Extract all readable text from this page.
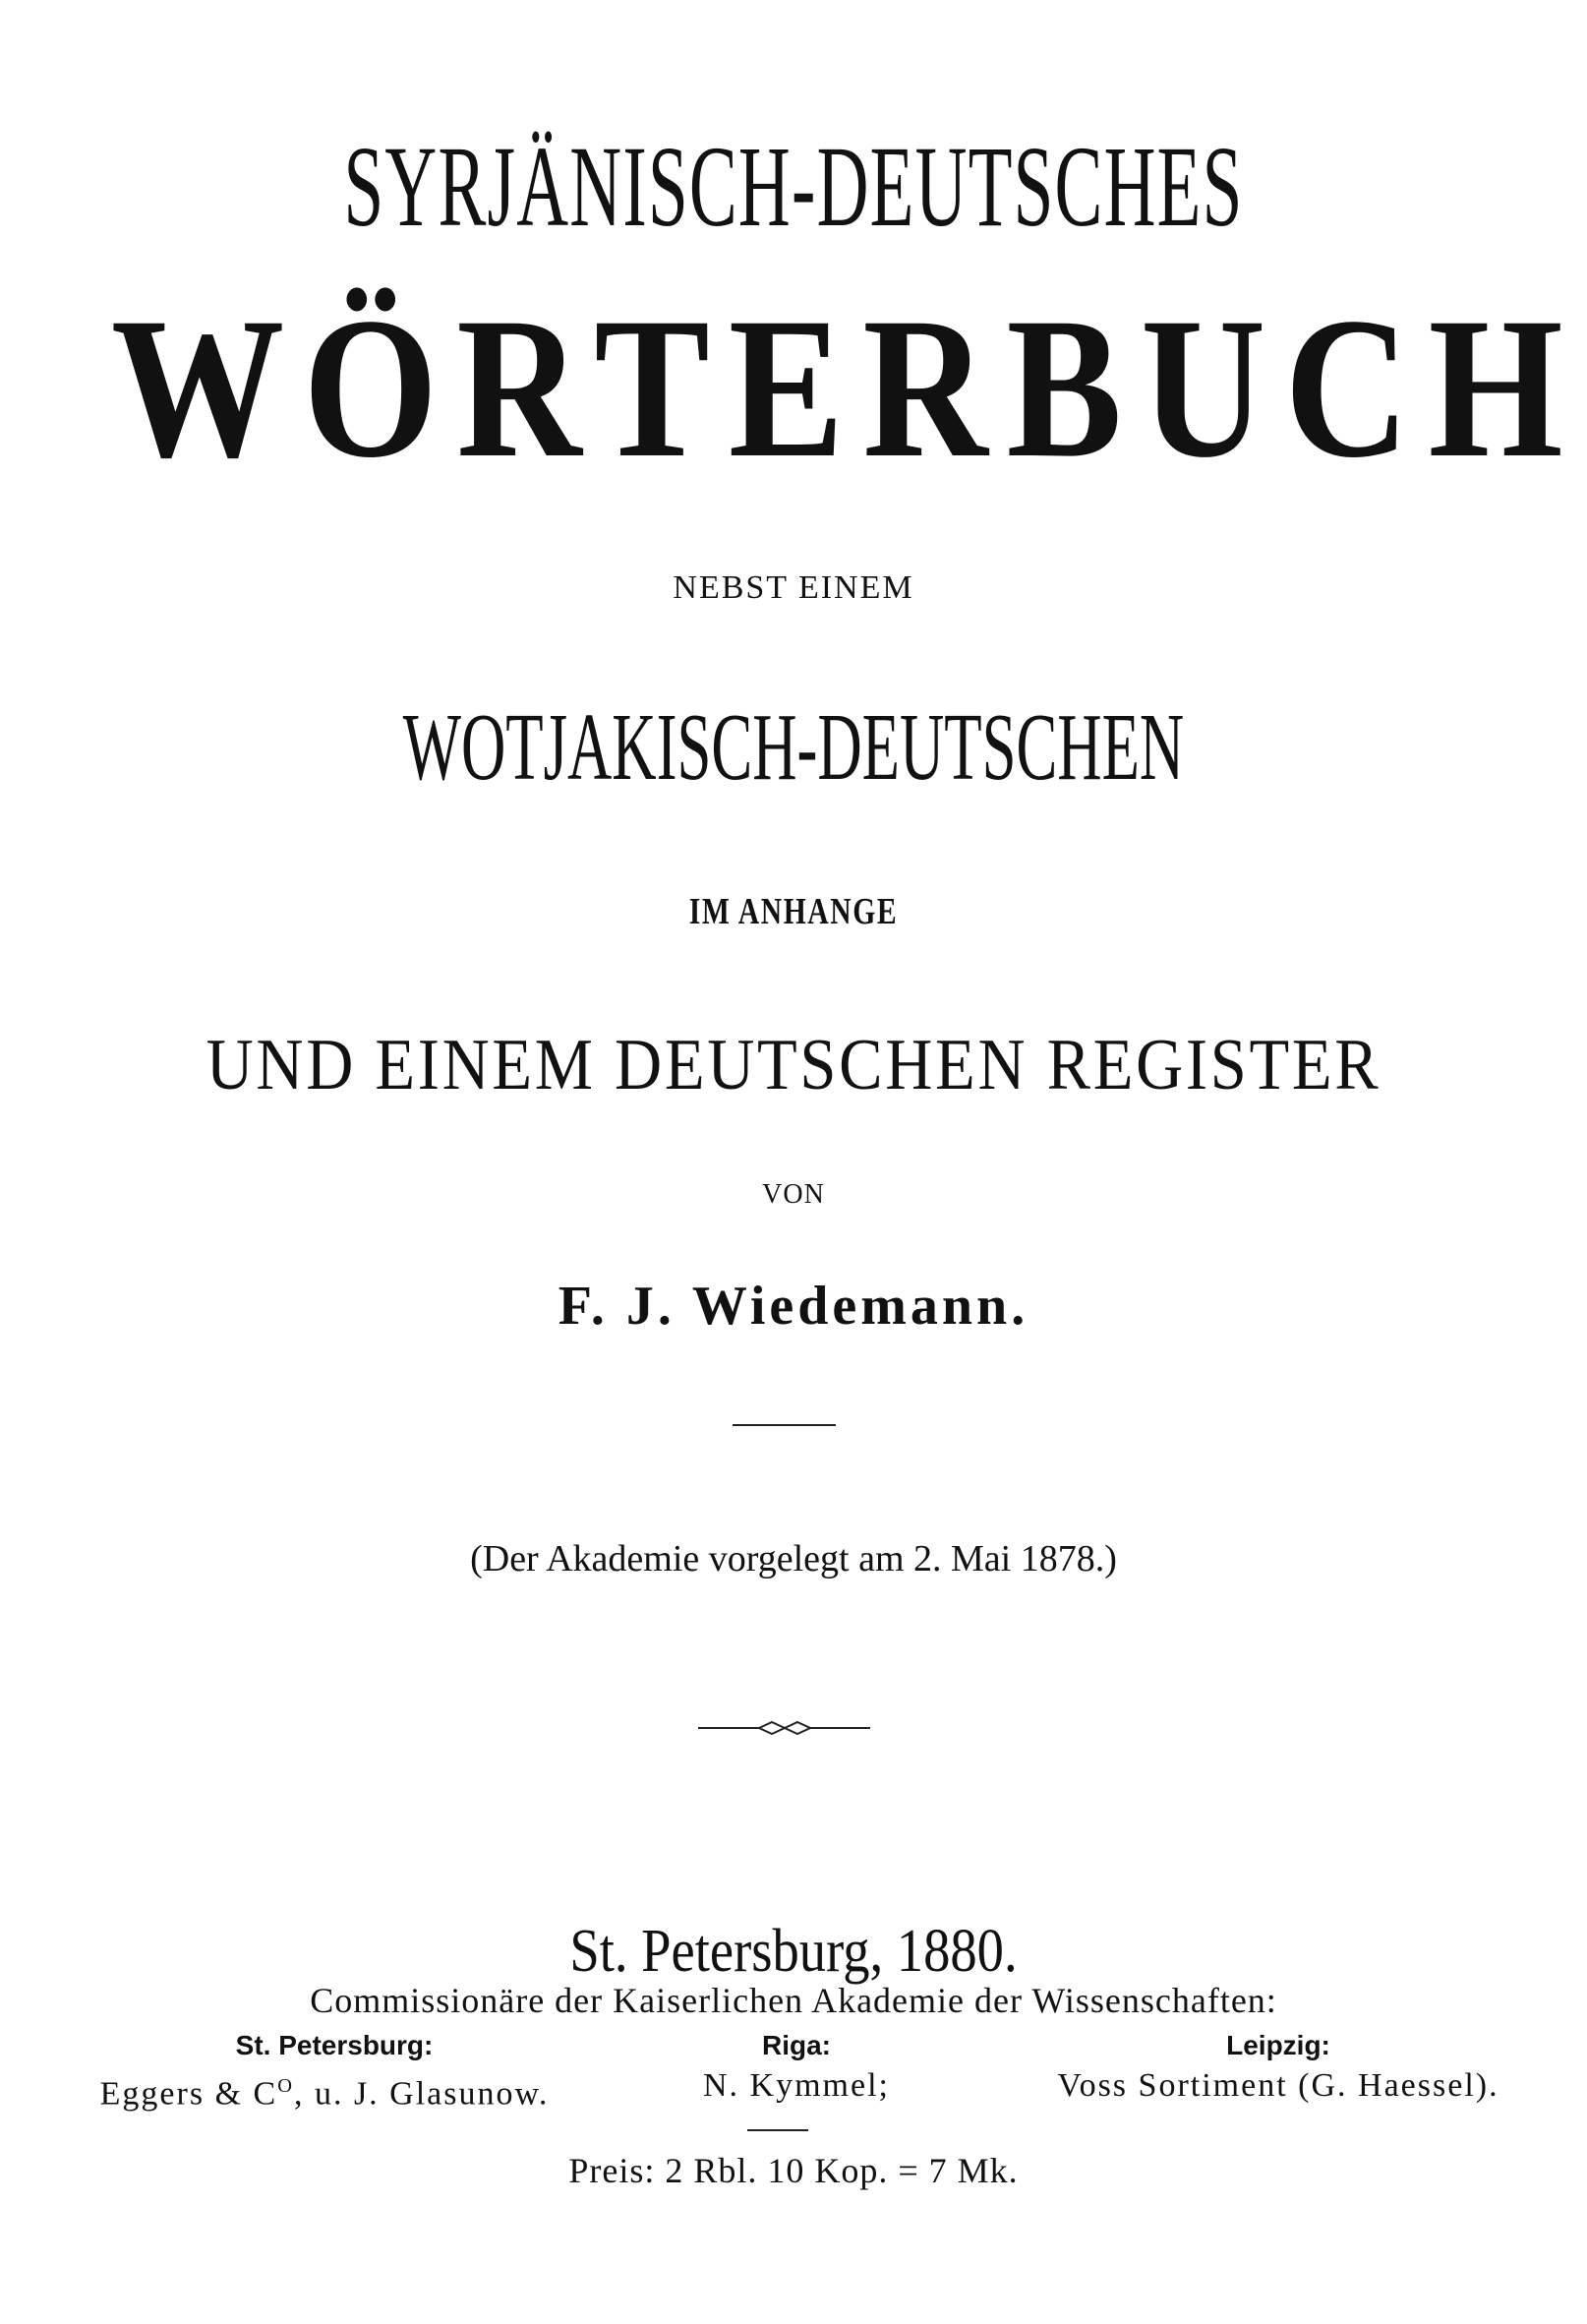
SYRJÄNISCH-DEUTSCHES
WÖRTERBUCH
NEBST EINEM
WOTJAKISCH-DEUTSCHEN
IM ANHANGE
UND EINEM DEUTSCHEN REGISTER
VON
F. J. Wiedemann.
(Der Akademie vorgelegt am 2. Mai 1878.)
St. Petersburg, 1880.
Commissionäre der Kaiserlichen Akademie der Wissenschaften:
St. Petersburg:	Riga:	Leipzig:
Eggers & $C^O$, u. J. Glasunow.	N. Kymmel;	Voss Sortiment (G. Haessel).
Preis: 2 Rbl. 10 Kop. = 7 Mk.
